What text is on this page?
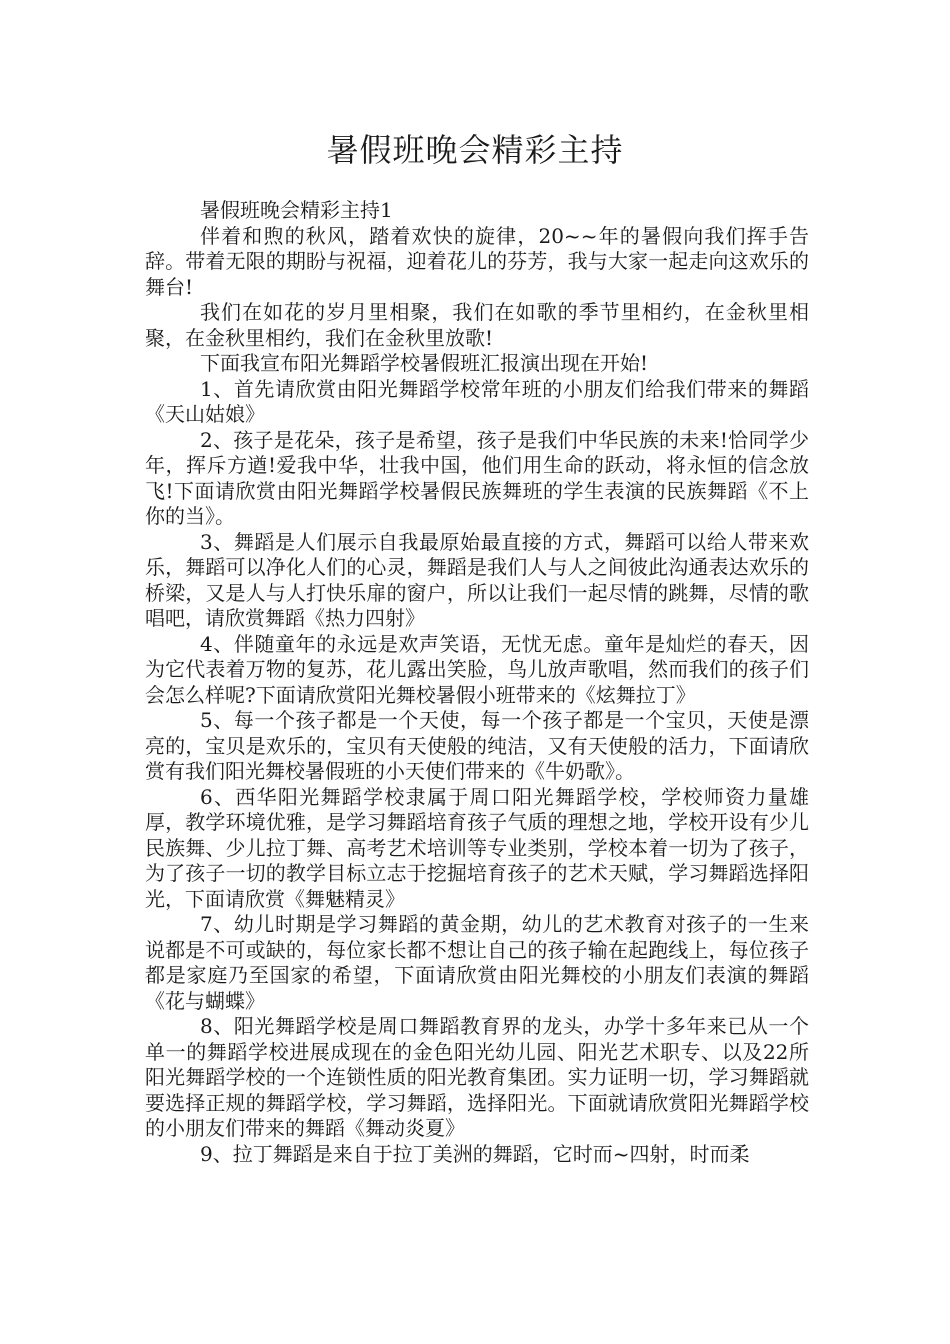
暑假班晚会精彩主持

暑假班晚会精彩主持1

伴着和煦的秋风，踏着欢快的旋律，20~~年的暑假向我们挥手告辞。带着无限的期盼与祝福，迎着花儿的芬芳，我与大家一起走向这欢乐的舞台!

我们在如花的岁月里相聚，我们在如歌的季节里相约，在金秋里相聚，在金秋里相约，我们在金秋里放歌!

下面我宣布阳光舞蹈学校暑假班汇报演出现在开始!

1、首先请欣赏由阳光舞蹈学校常年班的小朋友们给我们带来的舞蹈《天山姑娘》

2、孩子是花朵，孩子是希望，孩子是我们中华民族的未来!恰同学少年，挥斥方遒!爱我中华，壮我中国，他们用生命的跃动，将永恒的信念放飞!下面请欣赏由阳光舞蹈学校暑假民族舞班的学生表演的民族舞蹈《不上你的当》。

3、舞蹈是人们展示自我最原始最直接的方式，舞蹈可以给人带来欢乐，舞蹈可以净化人们的心灵，舞蹈是我们人与人之间彼此沟通表达欢乐的桥梁，又是人与人打快乐扉的窗户，所以让我们一起尽情的跳舞，尽情的歌唱吧，请欣赏舞蹈《热力四射》

4、伴随童年的永远是欢声笑语，无忧无虑。童年是灿烂的春天，因为它代表着万物的复苏，花儿露出笑脸，鸟儿放声歌唱，然而我们的孩子们会怎么样呢?下面请欣赏阳光舞校暑假小班带来的《炫舞拉丁》

5、每一个孩子都是一个天使，每一个孩子都是一个宝贝，天使是漂亮的，宝贝是欢乐的，宝贝有天使般的纯洁，又有天使般的活力，下面请欣赏有我们阳光舞校暑假班的小天使们带来的《牛奶歌》。

6、西华阳光舞蹈学校隶属于周口阳光舞蹈学校，学校师资力量雄厚，教学环境优雅，是学习舞蹈培育孩子气质的理想之地，学校开设有少儿民族舞、少儿拉丁舞、高考艺术培训等专业类别，学校本着一切为了孩子，为了孩子一切的教学目标立志于挖掘培育孩子的艺术天赋，学习舞蹈选择阳光，下面请欣赏《舞魅精灵》

7、幼儿时期是学习舞蹈的黄金期，幼儿的艺术教育对孩子的一生来说都是不可或缺的，每位家长都不想让自己的孩子输在起跑线上，每位孩子都是家庭乃至国家的希望，下面请欣赏由阳光舞校的小朋友们表演的舞蹈《花与蝴蝶》

8、阳光舞蹈学校是周口舞蹈教育界的龙头，办学十多年来已从一个单一的舞蹈学校进展成现在的金色阳光幼儿园、阳光艺术职专、以及22所阳光舞蹈学校的一个连锁性质的阳光教育集团。实力证明一切，学习舞蹈就要选择正规的舞蹈学校，学习舞蹈，选择阳光。下面就请欣赏阳光舞蹈学校的小朋友们带来的舞蹈《舞动炎夏》

9、拉丁舞蹈是来自于拉丁美洲的舞蹈，它时而~四射，时而柔
